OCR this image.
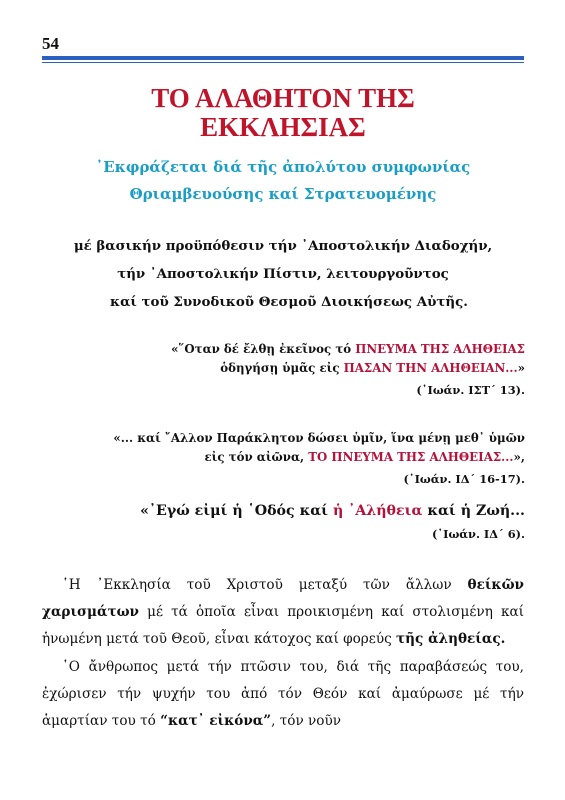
54
ΤΟ ΑΛΑΘΗΤΟΝ ΤΗΣ
ΕΚΚΛΗΣΙΑΣ
᾿Εκφράζεται διά τῆς ἀπολύτου συμφωνίας
Θριαμβευούσης καί Στρατευομένης
μέ βασικήν προϋπόθεσιν τήν ᾿Αποστολικήν Διαδοχήν,
τήν ᾿Αποστολικήν Πίστιν, λειτουργοῦντος
καί τοῦ Συνοδικοῦ Θεσμοῦ Διοικήσεως Αὐτῆς.
«῞Οταν δέ ἔλθῃ ἐκεῖνος τό ΠΝΕΥΜΑ ΤΗΣ ΑΛΗΘΕΙΑΣ
ὁδηγήσῃ ὑμᾶς εἰς ΠΑΣΑΝ ΤΗΝ ΑΛΗΘΕΙΑΝ...»
(᾿Ιωάν. ΙΣΤ´ 13).
«... καί ῎Αλλον Παράκλητον δώσει ὑμῖν, ἵνα μένῃ μεθ᾿ ὑμῶν
εἰς τόν αἰῶνα, ΤΟ ΠΝΕΥΜΑ ΤΗΣ ΑΛΗΘΕΙΑΣ...»,
(᾿Ιωάν. ΙΔ´ 16-17).
«᾿Εγώ εἰμί ἡ ῾Οδός καί ἡ ᾿Αλήθεια καί ἡ Ζωή...
(᾿Ιωάν. ΙΔ´ 6).

῾Η ᾿Εκκλησία τοῦ Χριστοῦ μεταξύ τῶν ἄλλων θείκῶν χαρισμάτων μέ τά ὁποῖα εἶναι προικισμένη καί στολισμένη καί ἡνωμένη μετά τοῦ Θεοῦ, εἶναι κάτοχος καί φορεύς τῆς ἀληθείας.

῾Ο ἄνθρωπος μετά τήν πτῶσιν του, διά τῆς παραβάσεώς του, ἐχώρισεν τήν ψυχήν του ἀπό τόν Θεόν καί ἀμαύρωσε μέ τήν ἁμαρτίαν του τό “κατ᾿ εἰκόνα”, τόν νοῦν
